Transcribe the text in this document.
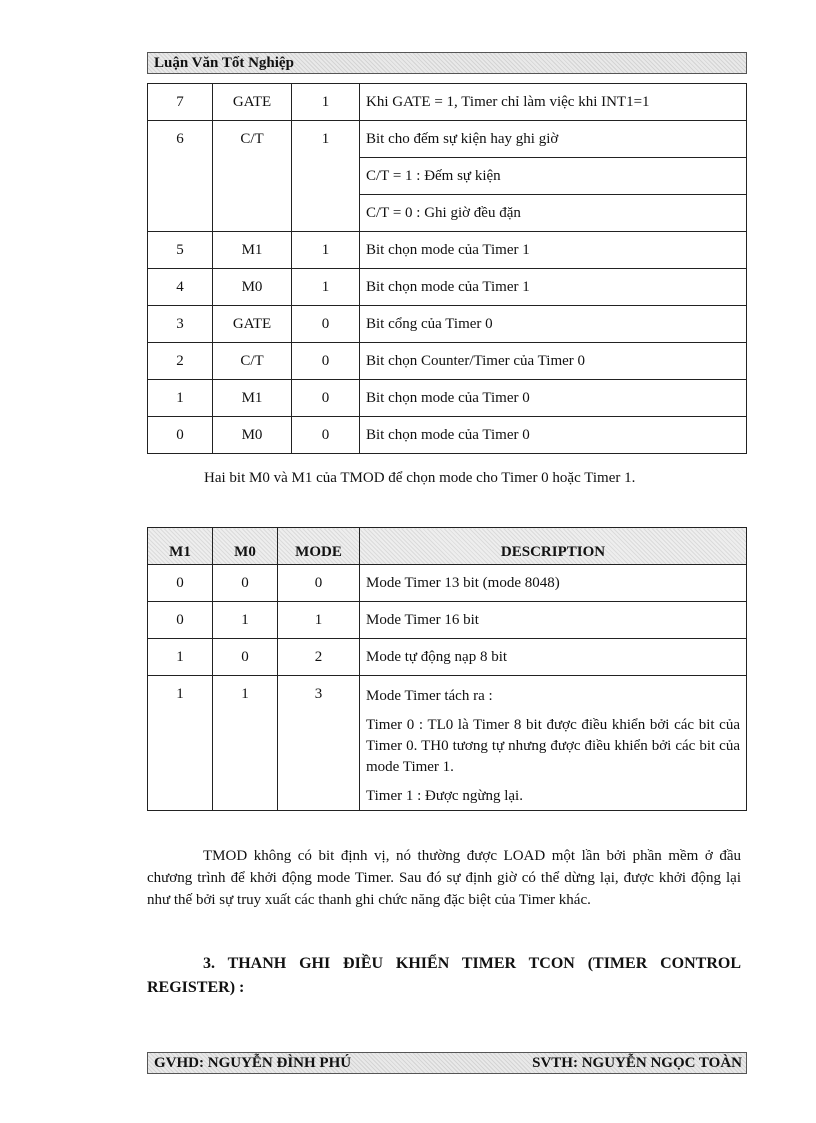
Luận Văn Tốt Nghiệp
7	GATE	1	Khi GATE = 1, Timer chỉ làm việc khi INT1=1
6	C/T	1	Bit cho đếm sự kiện hay ghi giờ
			C/T = 1 : Đếm sự kiện
			C/T = 0 : Ghi giờ đều đặn
5	M1	1	Bit chọn mode của Timer 1
4	M0	1	Bit chọn mode của Timer 1
3	GATE	0	Bit cổng của Timer 0
2	C/T	0	Bit chọn Counter/Timer của Timer 0
1	M1	0	Bit chọn mode của Timer 0
0	M0	0	Bit chọn mode của Timer 0
Hai bit M0 và M1 của TMOD để chọn mode cho Timer 0 hoặc Timer 1.
M1	M0	MODE	DESCRIPTION
0	0	0	Mode Timer 13 bit (mode 8048)
0	1	1	Mode Timer 16 bit
1	0	2	Mode tự động nạp 8 bit
1	1	3	Mode Timer tách ra :

Timer 0 : TL0 là Timer 8 bit được điều khiển bởi các bit của Timer 0. TH0 tương tự nhưng được điều khiển bởi các bit của mode Timer 1.

Timer 1 : Được ngừng lại.

TMOD không có bit định vị, nó thường được LOAD một lần bởi phần mềm ở đầu chương trình để khởi động mode Timer. Sau đó sự định giờ có thể dừng lại, được khởi động lại như thế bởi sự truy xuất các thanh ghi chức năng đặc biệt của Timer khác.

3. THANH GHI ĐIỀU KHIỂN TIMER TCON (TIMER CONTROL REGISTER) :

GVHD: NGUYỄN ĐÌNH PHÚ	SVTH: NGUYỄN NGỌC TOÀN
